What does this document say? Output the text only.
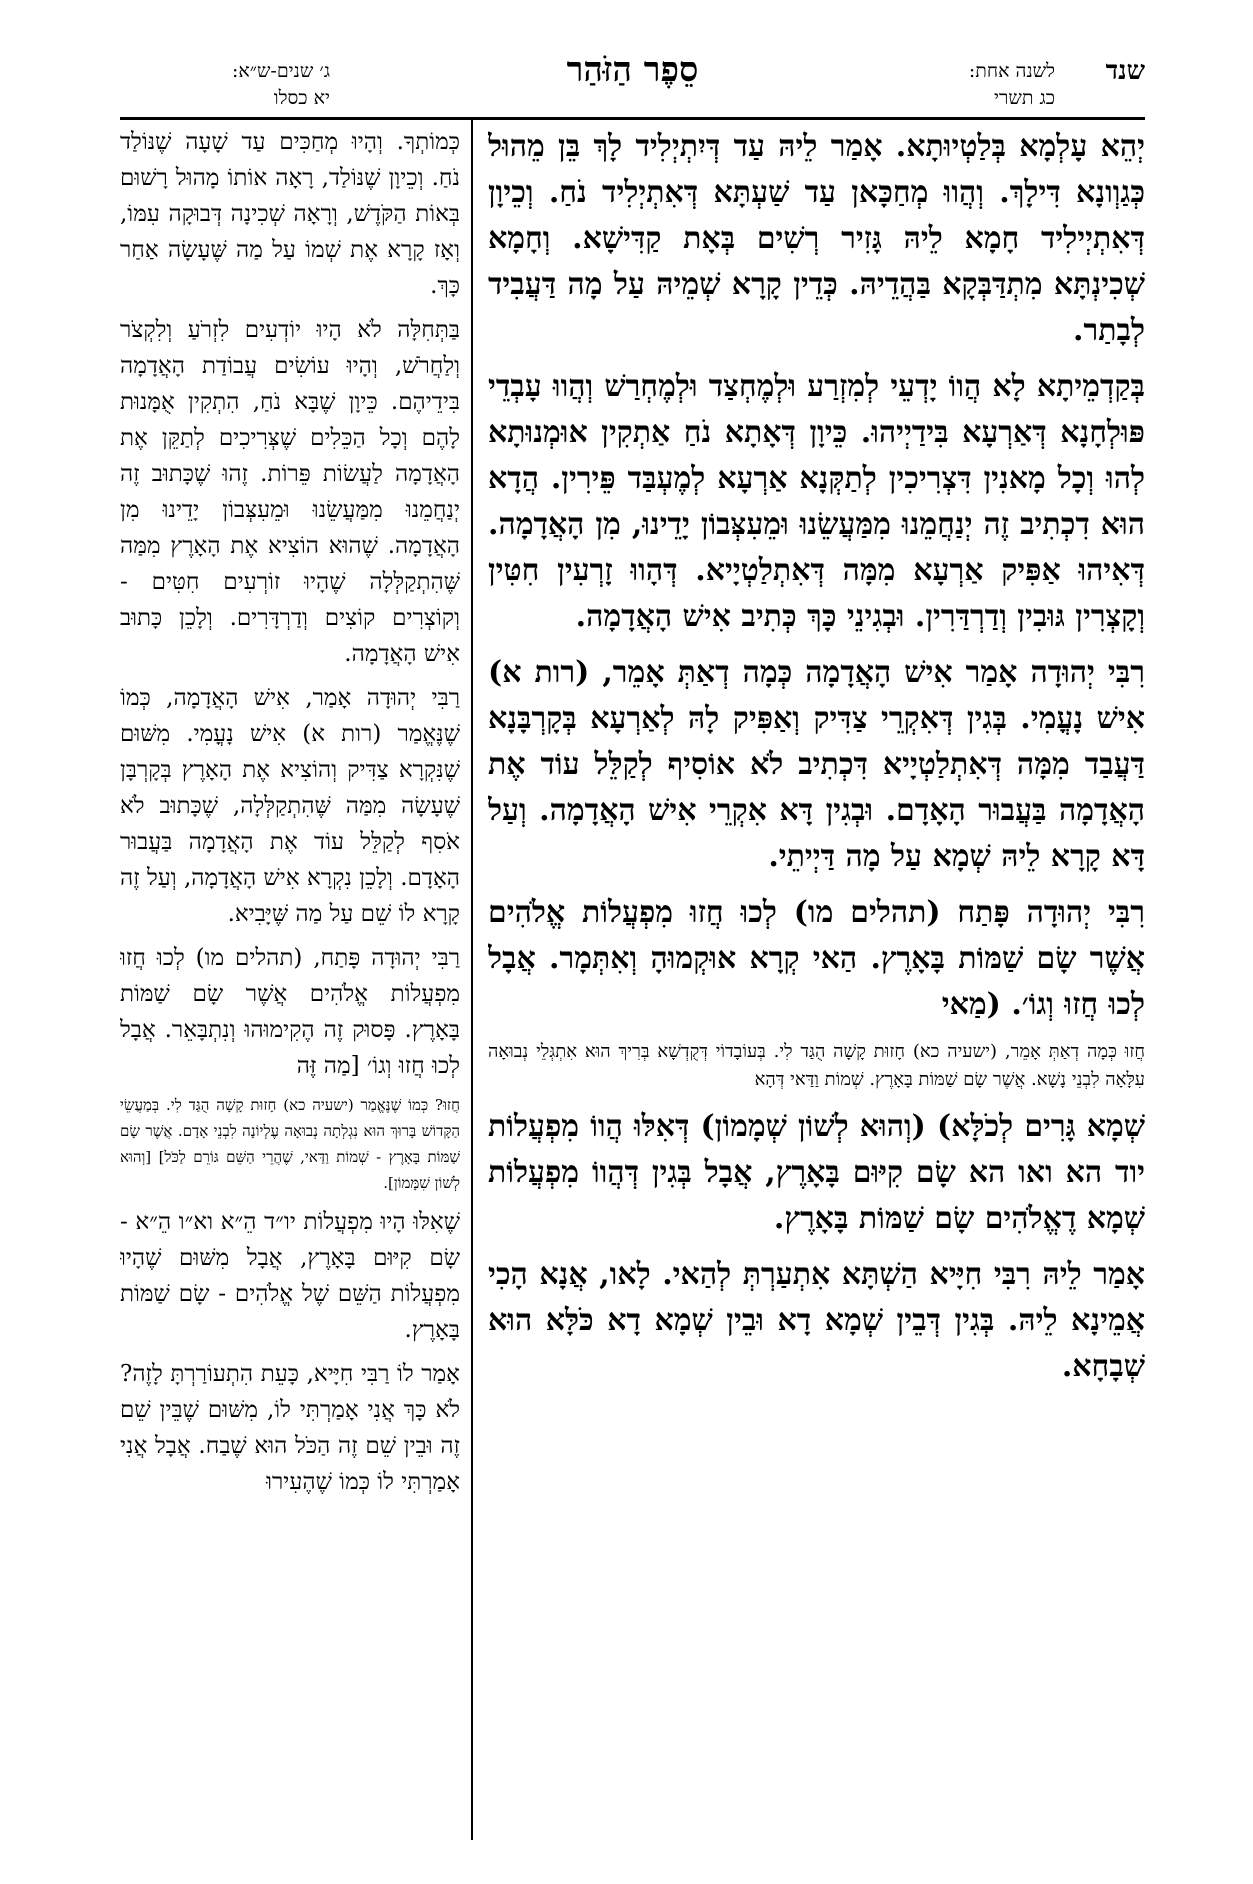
שנד
לשנה אחת:
כג תשרי
סֵפֶר הַזֹּהַר
ג׳ שנים-ש״א:
יא כסלו

יְהֵא עָלְמָא בְּלַטְיוּתָא. אָמַר לֵיהּ עַד דְּיִתְיְלִיד לָךְ בֵּן מֵהוּל כְּגַוְונָא דִּילָךְ. וְהֲווּ מְחַכָּאן עַד שַׁעְתָּא דְּאִתְיְלִיד נֹחַ. וְכֵיוָן דְּאִתְיְילִיד חָמָא לֵיהּ גָּזִיר רְשִׁים בְּאָת קַדִּישָׁא. וְחָמָא שְׁכִינְתָּא מִתְדַּבְּקָא בַּהֲדֵיהּ. כְּדֵין קָרָא שְׁמֵיהּ עַל מָה דַּעֲבִיד לְבָתַר.

בְּקַדְמֵיתָא לָא הֲווֹ יָדְעֵי לְמִזְרַע וּלְמֶחְצַד וּלְמֶחְרַשׁ וְהֲווּ עָבְדֵי פּוּלְחָנָא דְּאַרְעָא בִּידַיְיהוּ. כֵּיוָן דְּאָתָא נֹחַ אַתְקִין אוּמְנוּתָא לְהוּ וְכָל מָאנִין דִּצְרִיכִין לְתַקְּנָא אַרְעָא לְמֶעְבַּד פֵּירִין. הֲדָא הוּא דִכְתִיב זֶה יְנַחֲמֵנוּ מִמַּעֲשֵׂנוּ וּמֵעִצְּבוֹן יָדֵינוּ, מִן הָאֲדָמָה. דְּאִיהוּ אַפִּיק אַרְעָא מִמָּה דְּאִתְלַטְיָיא. דְּהָווּ זָרְעִין חִטִּין וְקָצְרִין גּוּבִין וְדַרְדַּרִין. וּבְגִינֵי כָּךְ כְּתִיב אִישׁ הָאֲדָמָה.

רִבִּי יְהוּדָה אָמַר אִישׁ הָאֲדָמָה כְּמָה דְאַתְּ אָמֵר, (רות א) אִישׁ נָעֳמִי. בְּגִין דְּאִקְרֵי צַדִּיק וְאַפִּיק לָהּ לְאַרְעָא בְּקָרְבָּנָא דַּעֲבַד מִמָּה דְּאִתְלַטְיָיא דִּכְתִיב לֹא אוֹסִיף לְקַלֵּל עוֹד אֶת הָאֲדָמָה בַּעֲבוּר הָאָדָם. וּבְגִין דָּא אִקְרֵי אִישׁ הָאֲדָמָה. וְעַל דָּא קָרָא לֵיהּ שְׁמָא עַל מָה דַּיְיתֵי.

רִבִּי יְהוּדָה פָּתַח (תהלים מו) לְכוּ חֲזוּ מִפְעֲלוֹת אֱלֹהִים אֲשֶׁר שָׂם שַׁמּוֹת בָּאָרֶץ. הַאי קְרָא אוּקְמוּהָ וְאִתְּמָר. אֲבָל לְכוּ חֲזוּ וְגוֹ׳. (מַאי

חֲזוּ כְּמָה דְאַתְּ אָמֵר, (ישעיה כא) חָזוּת קָשָׁה הֻגַּד לִי. בְּעוֹבָדוֹי דְּקֻדְשָׁא בְּרִיךְ הוּא אִתְגְּלֵי נְבוּאָה עִלָּאָה לִבְנֵי נָשָׁא. אֲשֶׁר שָׂם שַׁמּוֹת בָּאָרֶץ. שְׁמוֹת וַדַּאי דְּהָא

שְׁמָא גָּרִים לְכֹלָּא) (וְהוּא לְשׁוֹן שְׁמָמוֹן) דְּאִלּוּ הֲווֹ מִפְעֲלוֹת יוד הא ואו הא שָׂם קִיּוּם בָּאָרֶץ, אֲבָל בְּגִין דְּהֲווֹ מִפְעֲלוֹת שְׁמָא דֶאֱלֹהִים שָׂם שַׁמּוֹת בָּאָרֶץ.

אָמַר לֵיהּ רִבִּי חִיָּיא הַשְׁתָּא אִתְעַרְתְּ לְהַאי. לָאו, אֲנָא הָכִי אֲמֵינָא לֵיהּ. בְּגִין דְּבֵין שְׁמָא דָא וּבֵין שְׁמָא דָא כֹּלָּא הוּא שְׁבָחָא.

כְּמוֹתְךָ. וְהָיוּ מְחַכִּים עַד שָׁעָה שֶׁנּוֹלַד נֹחַ. וְכֵיוָן שֶׁנּוֹלַד, רָאָה אוֹתוֹ מָהוּל רָשׁוּם בְּאוֹת הַקֹּדֶשׁ, וְרָאָה שְׁכִינָה דְּבוּקָה עִמּוֹ, וְאָז קָרָא אֶת שְׁמוֹ עַל מַה שֶּׁעָשָׂה אַחַר כָּךְ.

בַּתְּחִלָּה לֹא הָיוּ יוֹדְעִים לִזְרֹעַ וְלִקְצֹר וְלַחֲרֹשׁ, וְהָיוּ עוֹשִׂים עֲבוֹדַת הָאֲדָמָה בִּידֵיהֶם. כֵּיוָן שֶׁבָּא נֹחַ, הִתְקִין אֻמָּנוּת לָהֶם וְכָל הַכֵּלִים שֶׁצְּרִיכִים לְתַקֵּן אֶת הָאֲדָמָה לַעֲשׂוֹת פֵּרוֹת. זֶהוּ שֶׁכָּתוּב זֶה יְנַחֲמֵנוּ מִמַּעֲשֵׂנוּ וּמֵעִצְּבוֹן יָדֵינוּ מִן הָאֲדָמָה. שֶׁהוּא הוֹצִיא אֶת הָאָרֶץ מִמַּה שֶּׁהִתְקַלְּלָה שֶׁהָיוּ זוֹרְעִים חִטִּים - וְקוֹצְרִים קוֹצִים וְדַרְדָּרִים. וְלָכֵן כָּתוּב אִישׁ הָאֲדָמָה.

רַבִּי יְהוּדָה אָמַר, אִישׁ הָאֲדָמָה, כְּמוֹ שֶׁנֶּאֱמַר (רות א) אִישׁ נָעֳמִי. מִשּׁוּם שֶׁנִּקְרָא צַדִּיק וְהוֹצִיא אֶת הָאָרֶץ בְּקָרְבָּן שֶׁעָשָׂה מִמַּה שֶּׁהִתְקַלְּלָה, שֶׁכָּתוּב לֹא אֹסִף לְקַלֵּל עוֹד אֶת הָאֲדָמָה בַּעֲבוּר הָאָדָם. וְלָכֵן נִקְרָא אִישׁ הָאֲדָמָה, וְעַל זֶה קָרָא לוֹ שֵׁם עַל מַה שֶּׁיָּבִיא.

רַבִּי יְהוּדָה פָּתַח, (תהלים מו) לְכוּ חֲזוּ מִפְעֲלוֹת אֱלֹהִים אֲשֶׁר שָׂם שַׁמּוֹת בָּאָרֶץ. פָּסוּק זֶה הֶקִימוּהוּ וְנִתְבָּאֵר. אֲבָל לְכוּ חֲזוּ וְגוֹ׳ [מַה זֶּה

חֲזוּ? כְּמוֹ שֶׁנֶּאֱמַר (ישעיה כא) חָזוּת קָשָׁה הֻגַּד לִי. בְּמַעֲשֵׂי הַקָּדוֹשׁ בָּרוּךְ הוּא נִגְלְתָה נְבוּאָה עֶלְיוֹנָה לִבְנֵי אָדָם. אֲשֶׁר שָׂם שַׁמּוֹת בָּאָרֶץ - שְׁמוֹת וַדַּאי, שֶׁהֲרֵי הַשֵּׁם גּוֹרֵם לַכֹּל] [וְהוּא לְשׁוֹן שִׁמָּמוֹן].

שֶׁאִלּוּ הָיוּ מִפְעֲלוֹת יו״ד הֵ״א וא״ו הֵ״א - שָׂם קִיּוּם בָּאָרֶץ, אֲבָל מִשּׁוּם שֶׁהָיוּ מִפְעֲלוֹת הַשֵּׁם שֶׁל אֱלֹהִים - שָׂם שַׁמּוֹת בָּאָרֶץ.

אָמַר לוֹ רַבִּי חִיָּיא, כָּעֵת הִתְעוֹרַרְתָּ לָזֶה? לֹא כָּךְ אֲנִי אָמַרְתִּי לוֹ, מִשּׁוּם שֶׁבֵּין שֵׁם זֶה וּבֵין שֵׁם זֶה הַכֹּל הוּא שֶׁבַח. אֲבָל אֲנִי אָמַרְתִּי לוֹ כְּמוֹ שֶׁהֶעִירוּ
